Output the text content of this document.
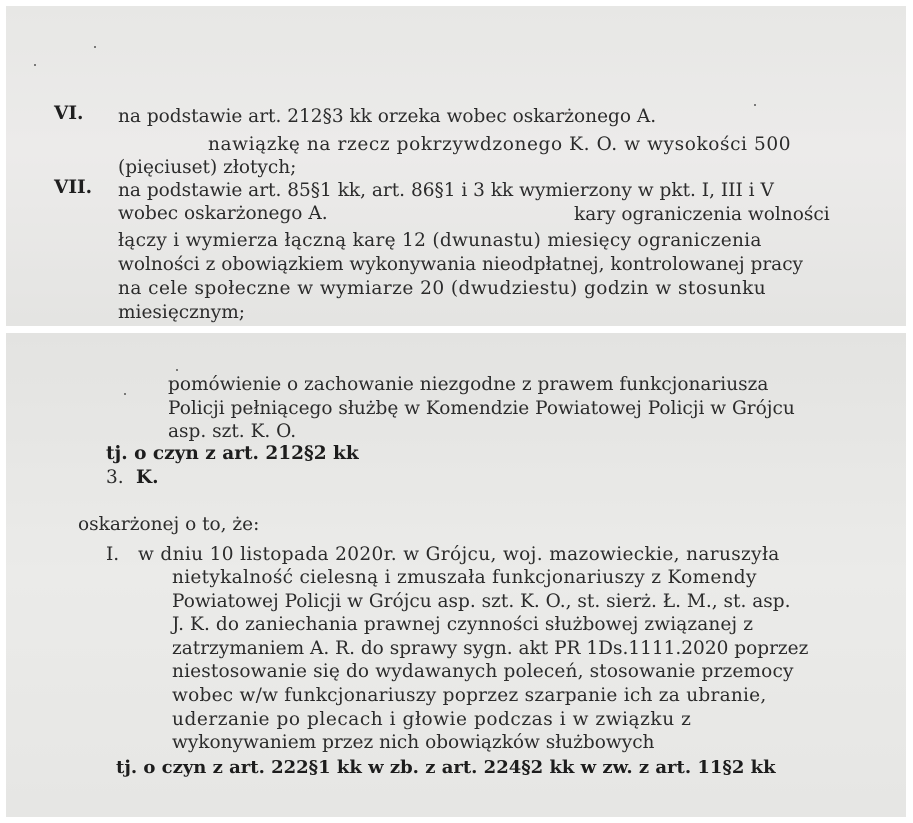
VI. na podstawie art. 212§3 kk orzeka wobec oskarżonego A.
nawiązkę na rzecz pokrzywdzonego K. O. w wysokości 500
(pięciuset) złotych;
VII. na podstawie art. 85§1 kk, art. 86§1 i 3 kk wymierzony w pkt. I, III i V
wobec oskarżonego A.	kary ograniczenia wolności
łączy i wymierza łączną karę 12 (dwunastu) miesięcy ograniczenia
wolności z obowiązkiem wykonywania nieodpłatnej, kontrolowanej pracy
na cele społeczne w wymiarze 20 (dwudziestu) godzin w stosunku
miesięcznym;
pomówienie o zachowanie niezgodne z prawem funkcjonariusza
Policji pełniącego służbę w Komendzie Powiatowej Policji w Grójcu
asp. szt. K. O.
tj. o czyn z art. 212§2 kk
3. K.
oskarżonej o to, że:
I. w dniu 10 listopada 2020r. w Grójcu, woj. mazowieckie, naruszyła
nietykalność cielesną i zmuszała funkcjonariuszy z Komendy
Powiatowej Policji w Grójcu asp. szt. K. O., st. sierż. Ł. M., st. asp.
J. K. do zaniechania prawnej czynności służbowej związanej z
zatrzymaniem A. R. do sprawy sygn. akt PR 1Ds.1111.2020 poprzez
niestosowanie się do wydawanych poleceń, stosowanie przemocy
wobec w/w funkcjonariuszy poprzez szarpanie ich za ubranie,
uderzanie po plecach i głowie podczas i w związku z
wykonywaniem przez nich obowiązków służbowych
tj. o czyn z art. 222§1 kk w zb. z art. 224§2 kk w zw. z art. 11§2 kk
